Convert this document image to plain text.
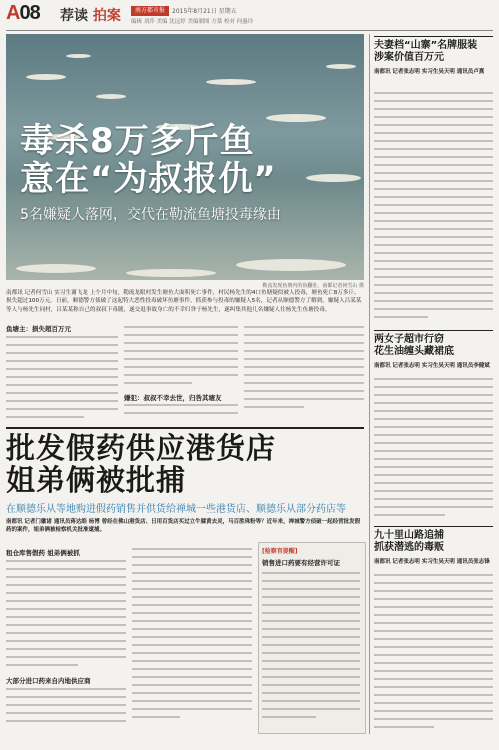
A08 荐读 拍案	南方都市报	2015年8月21日 星期五
编辑 刘萍 美编 沈远婷 美编制图 方慕 校对 何惠玲
毒杀8万多斤鱼
意在“为叔报仇”
5名嫌疑人落网，交代在勒流鱼塘投毒缘由
勒流发现鱼塘内的鱼翻肚。南都记者何雪山 摄
南都讯 记者何雪山 实习生谢飞龙 上个月中旬，勒流龙眼村发生塘鱼大面积死亡事件，村民杨先生的4口鱼塘疑似被人投毒，塘鱼死亡8万多斤，损失超过100万元。日前，顺德警方侦破了这起特大恶性投毒破坏鱼塘事件，抓获参与投毒的嫌疑人5名，记者从顺德警方了解到，嫌疑人吕某某等人与杨先生同村，吕某某称自己的叔叔下毒随，遂交退事故身亡的不幸归咎于杨先生，遂纠集其他几名嫌疑人往杨先生鱼塘投毒。
鱼塘主：损失超百万元
嫌犯：叔叔不幸去世，归咎其塘友
批发假药供应港货店
姐弟俩被批捕
在顺德乐从等地购进假药销售并供货给禅城一些港货店、顺德乐从部分药店等
南都讯 记者门徽诸 通讯员蒋达皓 杨博 曾经在佛山港货店、日用百货店买过立牛膝黄去灵，马百胜珠粉等？近年来，禅城警方侦破一起经营批发假药的案件，姐弟俩被检察机关批准逮捕。
租仓库售假药 姐弟俩被抓
大部分进口药来自内地供应商
[检察官提醒]
销售进口药要有经营许可证
夫妻档“山寨”名牌服装
涉案价值百万元
南都讯 记者张志明 实习生吴天明 通讯员卢熹
两女子超市行窃
花生油缠头藏裙底
南都讯 记者张志明 实习生吴天明 通讯员李健斌
九十里山路追捕
抓获潜逃的毒贩
南都讯 记者张志明 实习生吴天明 通讯员张志锋
